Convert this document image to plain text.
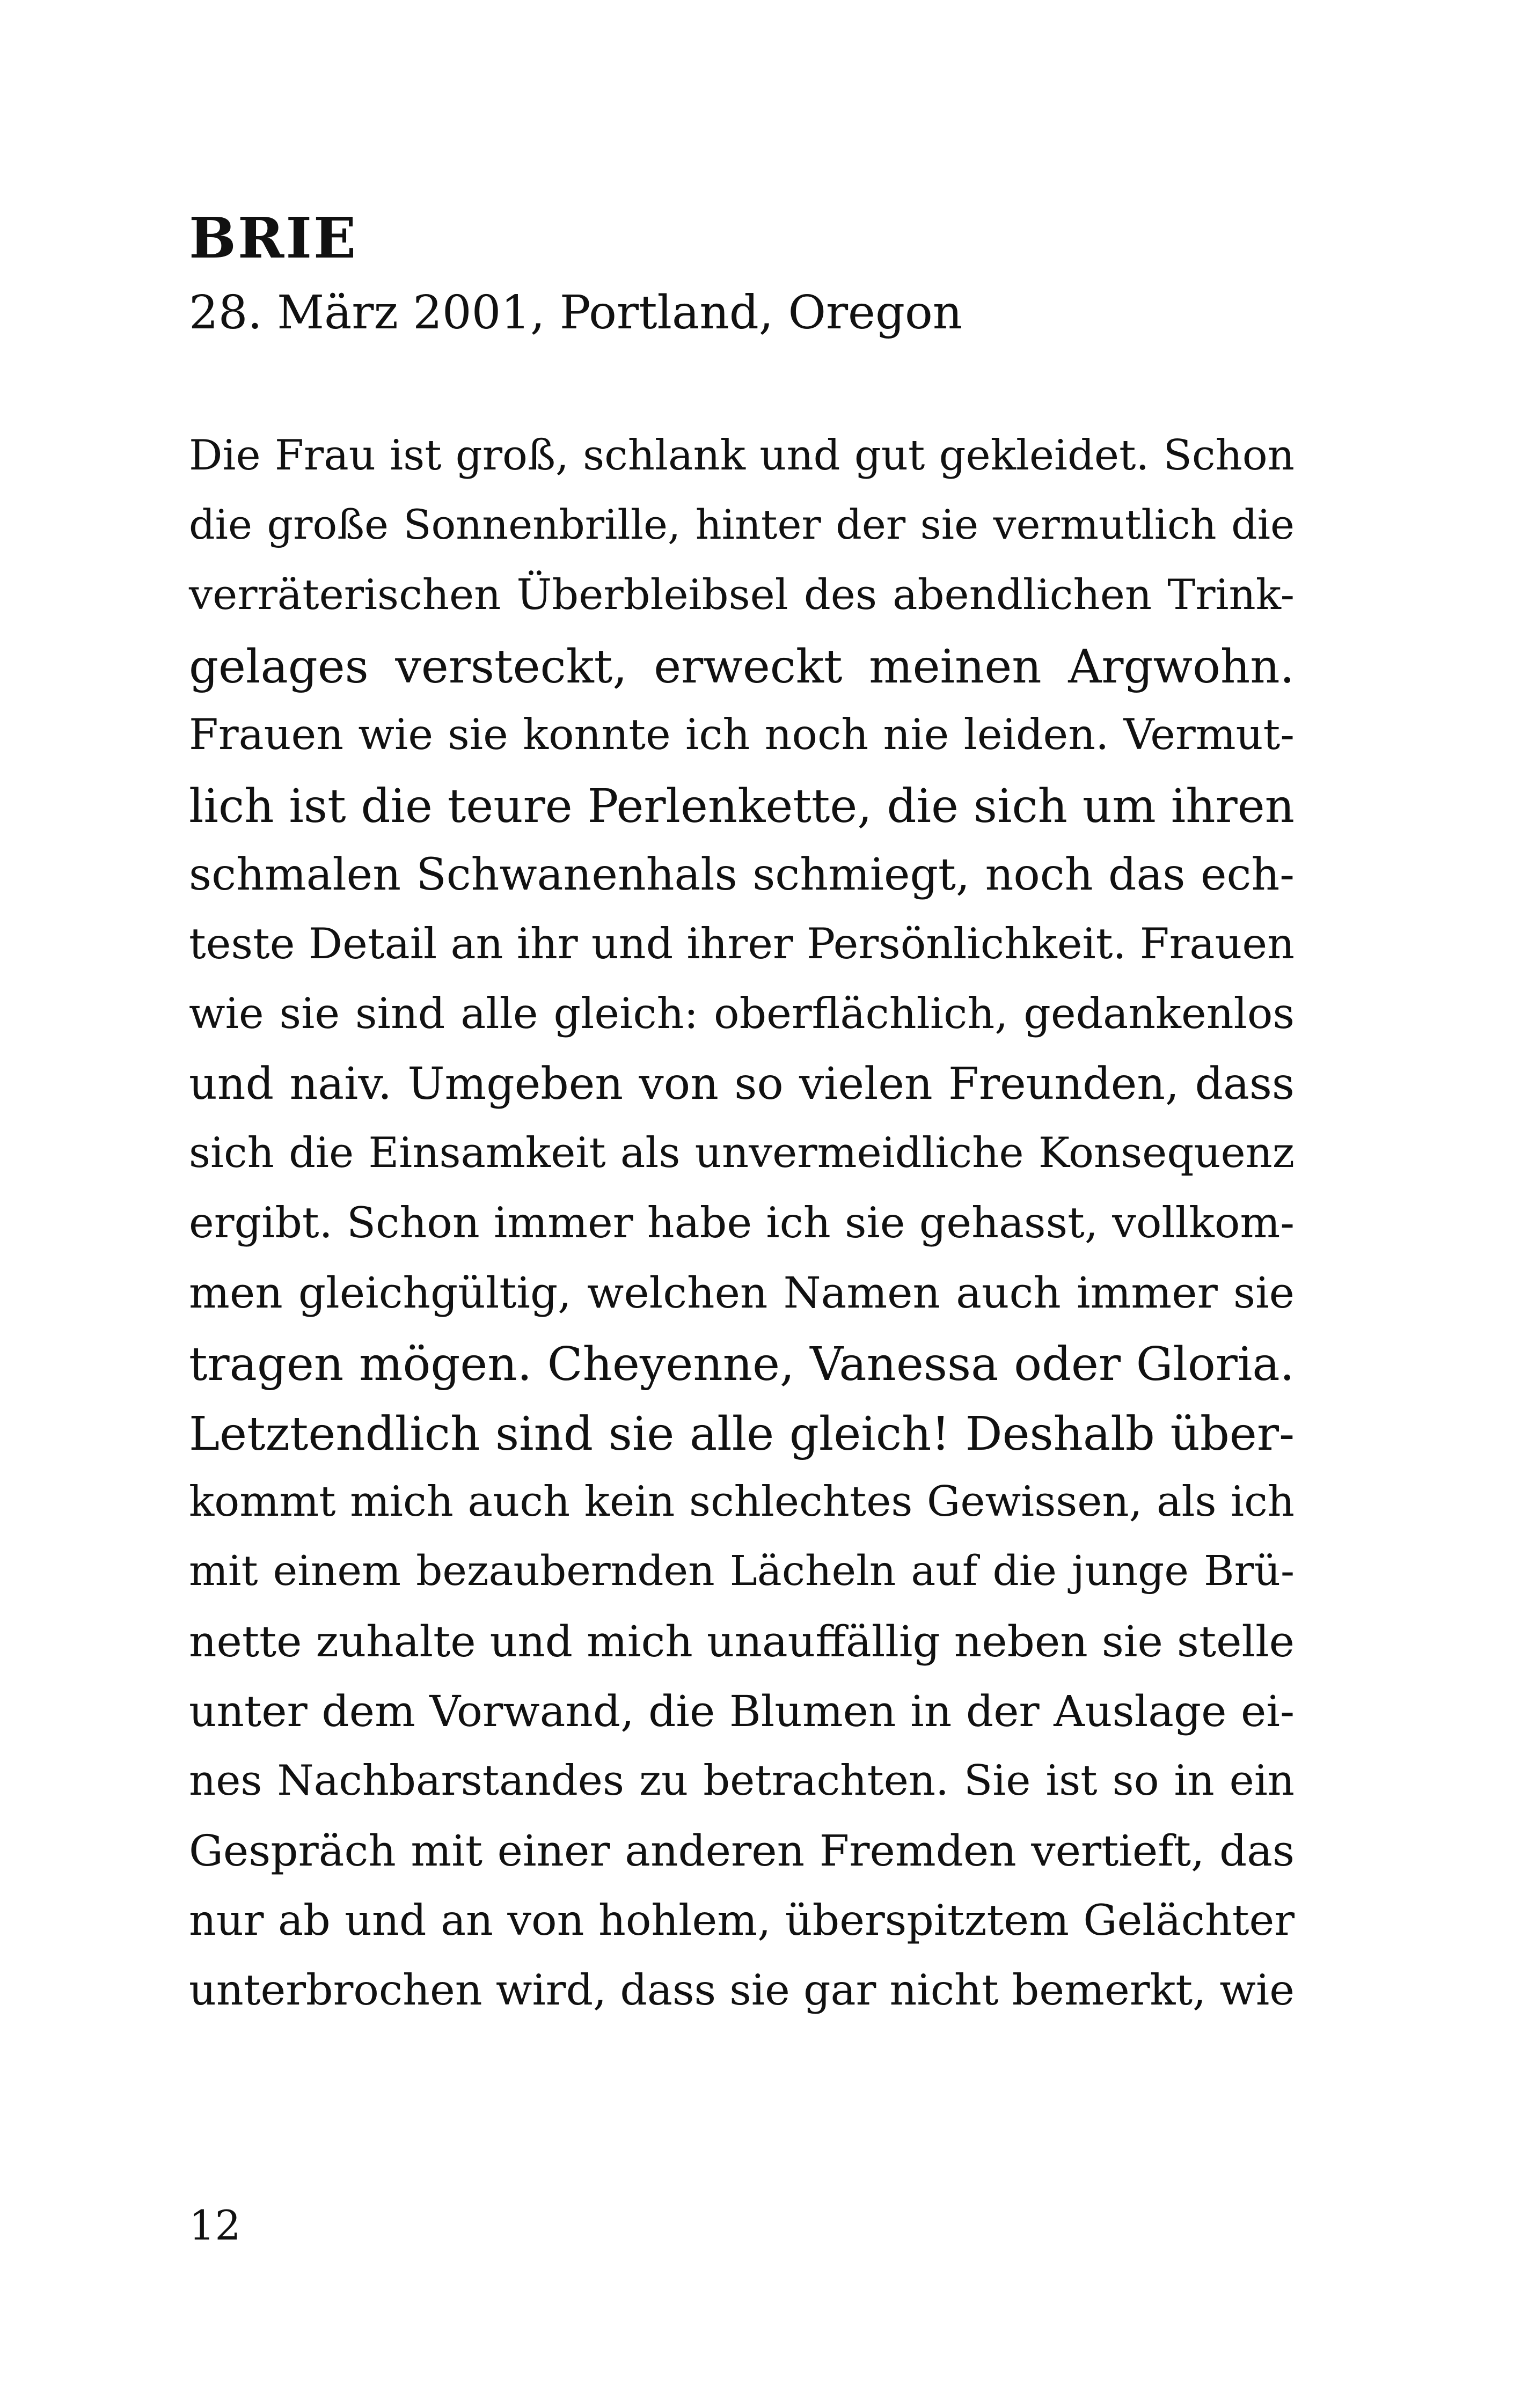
BRIE

28. März 2001, Portland, Oregon

Die Frau ist groß, schlank und gut gekleidet. Schon
die große Sonnenbrille, hinter der sie vermutlich die
verräterischen Überbleibsel des abendlichen Trink-
gelages versteckt, erweckt meinen Argwohn.
Frauen wie sie konnte ich noch nie leiden. Vermut-
lich ist die teure Perlenkette, die sich um ihren
schmalen Schwanenhals schmiegt, noch das ech-
teste Detail an ihr und ihrer Persönlichkeit. Frauen
wie sie sind alle gleich: oberflächlich, gedankenlos
und naiv. Umgeben von so vielen Freunden, dass
sich die Einsamkeit als unvermeidliche Konsequenz
ergibt. Schon immer habe ich sie gehasst, vollkom-
men gleichgültig, welchen Namen auch immer sie
tragen mögen. Cheyenne, Vanessa oder Gloria.
Letztendlich sind sie alle gleich! Deshalb über-
kommt mich auch kein schlechtes Gewissen, als ich
mit einem bezaubernden Lächeln auf die junge Brü-
nette zuhalte und mich unauffällig neben sie stelle
unter dem Vorwand, die Blumen in der Auslage ei-
nes Nachbarstandes zu betrachten. Sie ist so in ein
Gespräch mit einer anderen Fremden vertieft, das
nur ab und an von hohlem, überspitztem Gelächter
unterbrochen wird, dass sie gar nicht bemerkt, wie

12
